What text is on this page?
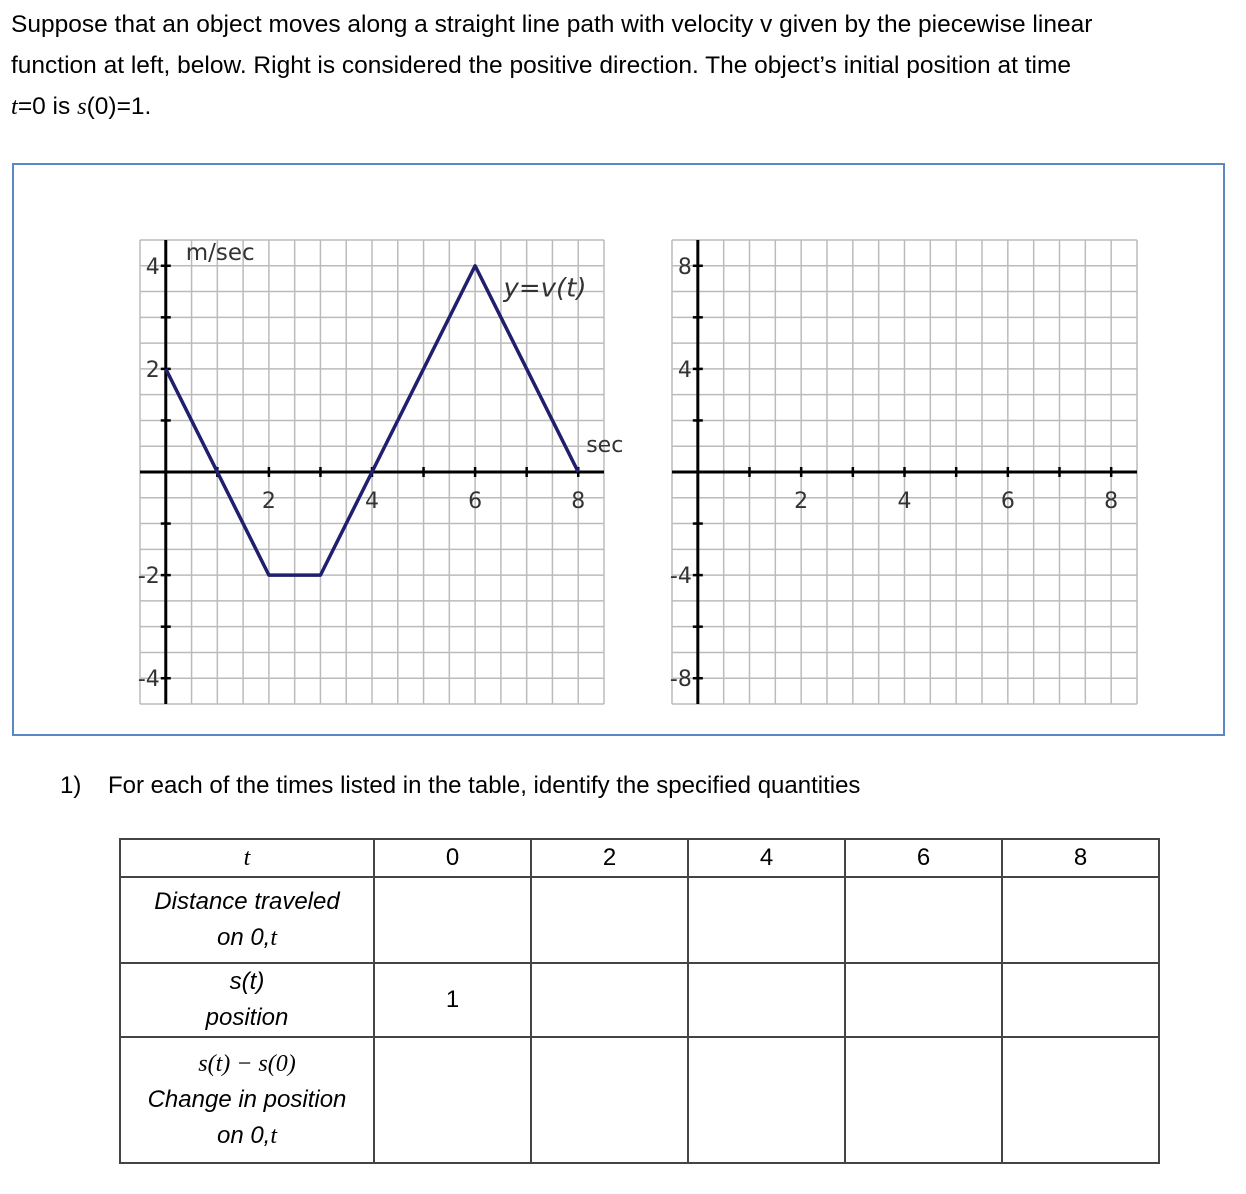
Suppose that an object moves along a straight line path with velocity v given by the piecewise linear
function at left, below. Right is considered the positive direction. The object’s initial position at time
t=0 is s(0)=1.
2	4	6	8
4
2
-2
-4
m/sec
sec
y=v(t)
2	4	6	8
8
4
-4
-8
1) For each of the times listed in the table, identify the specified quantities
t	0	2	4	6	8

Distance traveled
on 0,t					

s(t)
position	1				

s(t) − s(0)
Change in position
on 0,t					
